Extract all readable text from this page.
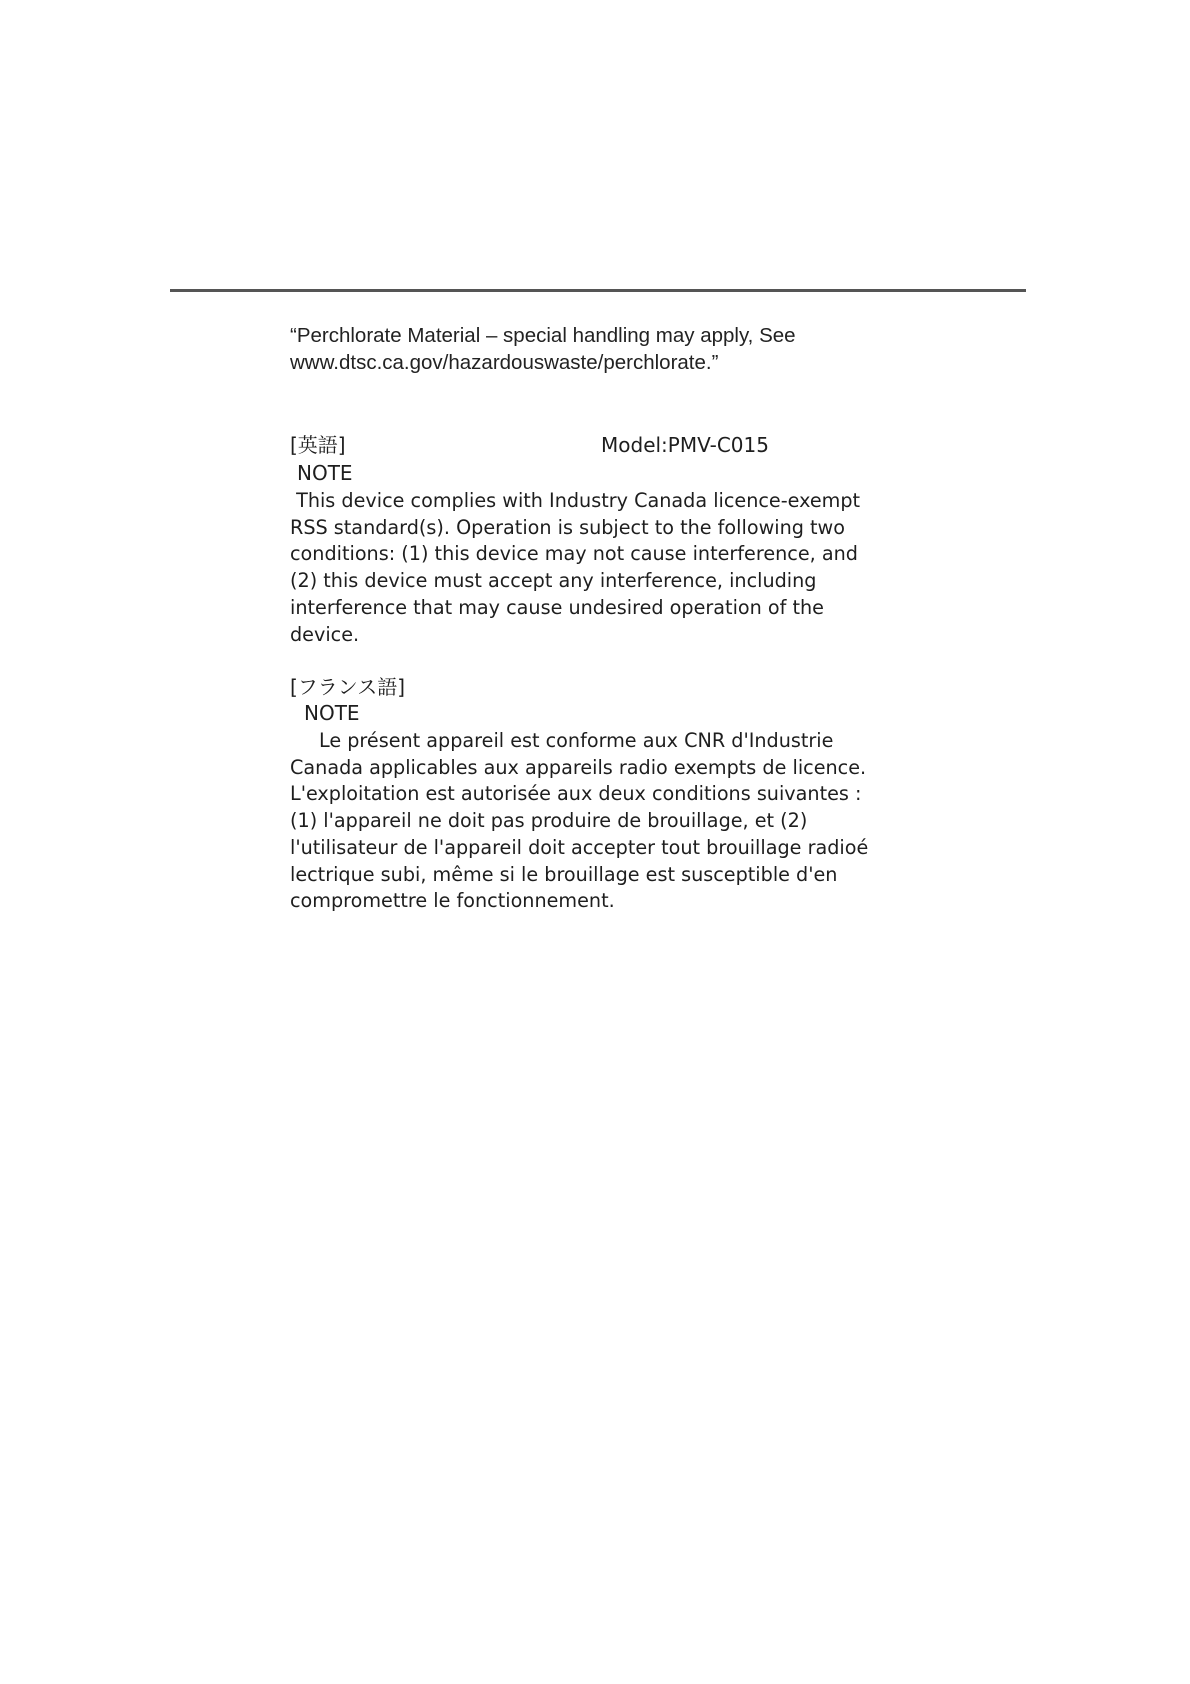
“Perchlorate Material – special handling may apply, See

www.dtsc.ca.gov/hazardouswaste/perchlorate.”

[英語]	Model:PMV-C015
NOTE

This device complies with Industry Canada licence-exempt

RSS standard(s). Operation is subject to the following two

conditions: (1) this device may not cause interference, and

(2) this device must accept any interference, including

interference that may cause undesired operation of the

device.

[フランス語]
NOTE

Le présent appareil est conforme aux CNR d'Industrie

Canada applicables aux appareils radio exempts de licence.

L'exploitation est autorisée aux deux conditions suivantes :

(1) l'appareil ne doit pas produire de brouillage, et (2)

l'utilisateur de l'appareil doit accepter tout brouillage radioé

lectrique subi, même si le brouillage est susceptible d'en

compromettre le fonctionnement.
